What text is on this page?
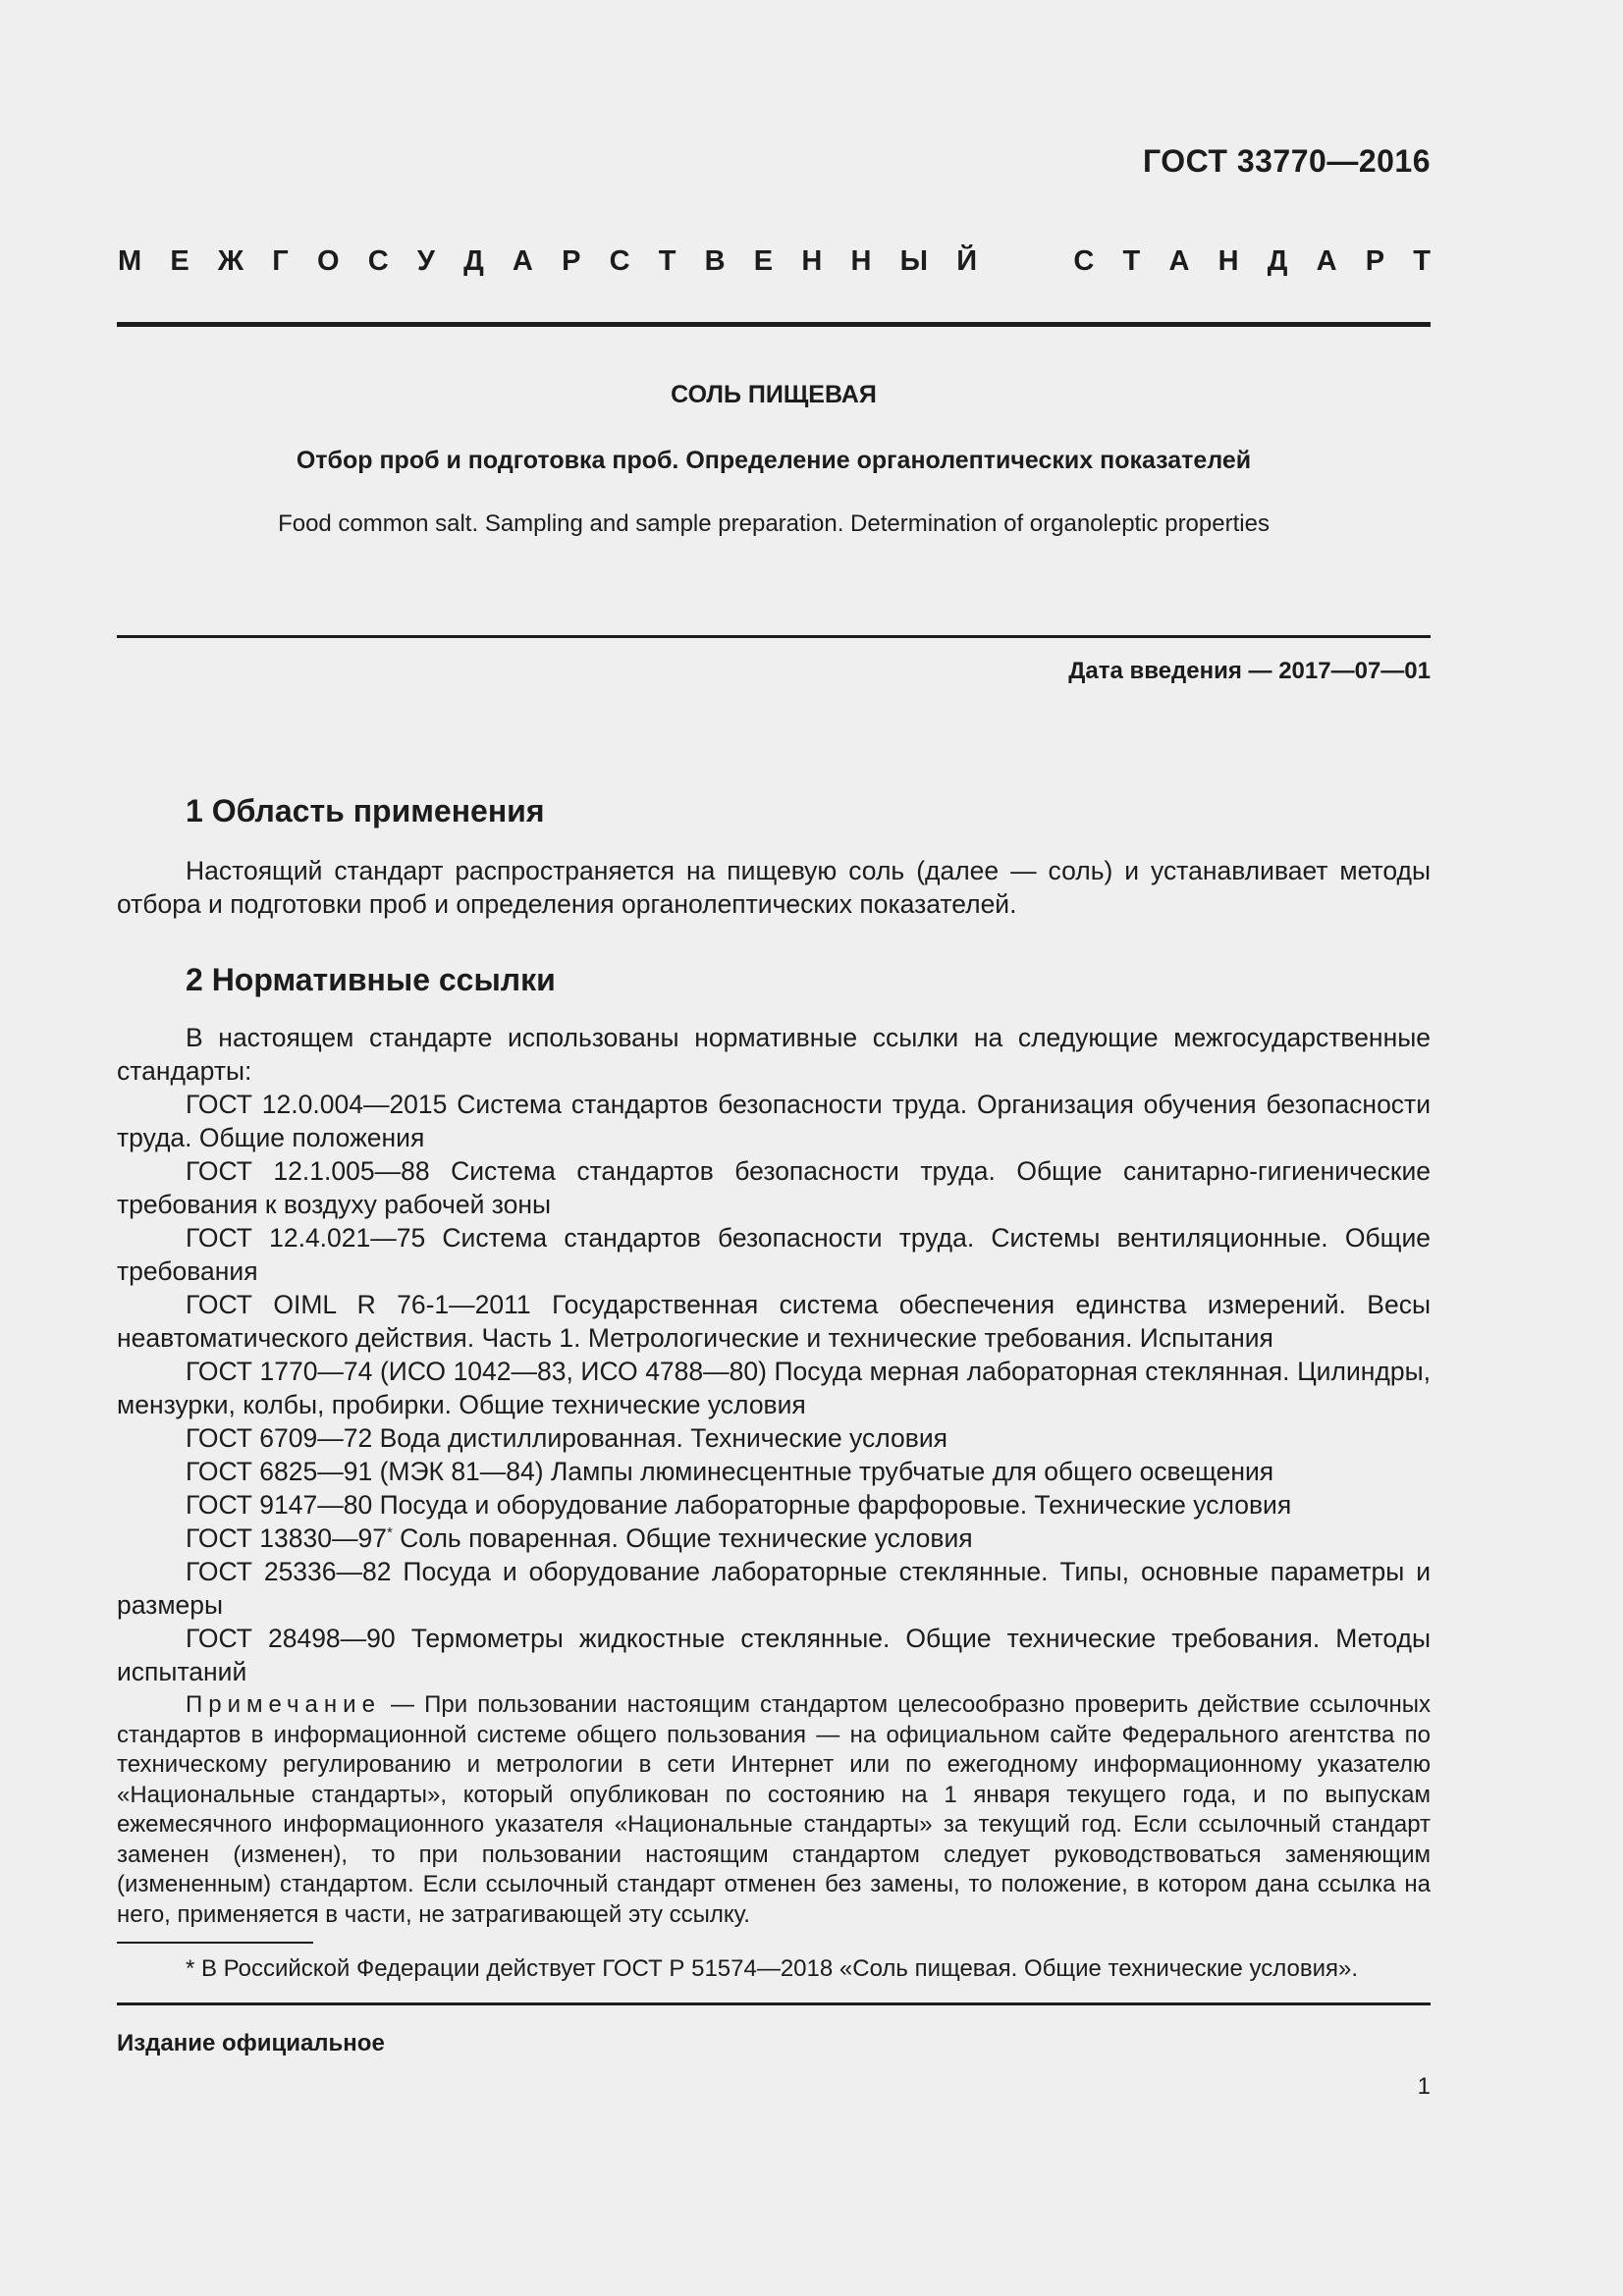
ГОСТ 33770—2016
М Е Ж Г О С У Д А Р С Т В Е Н Н Ы Й	С Т А Н Д А Р Т
СОЛЬ ПИЩЕВАЯ
Отбор проб и подготовка проб. Определение органолептических показателей
Food common salt. Sampling and sample preparation. Determination of organoleptic properties
Дата введения — 2017—07—01
1 Область применения

Настоящий стандарт распространяется на пищевую соль (далее — соль) и устанавливает методы отбора и подготовки проб и определения органолептических показателей.

2 Нормативные ссылки

В настоящем стандарте использованы нормативные ссылки на следующие межгосударственные стандарты:

ГОСТ 12.0.004—2015 Система стандартов безопасности труда. Организация обучения безопасности труда. Общие положения

ГОСТ 12.1.005—88 Система стандартов безопасности труда. Общие санитарно-гигиенические требования к воздуху рабочей зоны

ГОСТ 12.4.021—75 Система стандартов безопасности труда. Системы вентиляционные. Общие требования

ГОСТ OIML R 76-1—2011 Государственная система обеспечения единства измерений. Весы неавтоматического действия. Часть 1. Метрологические и технические требования. Испытания

ГОСТ 1770—74 (ИСО 1042—83, ИСО 4788—80) Посуда мерная лабораторная стеклянная. Цилиндры, мензурки, колбы, пробирки. Общие технические условия

ГОСТ 6709—72 Вода дистиллированная. Технические условия

ГОСТ 6825—91 (МЭК 81—84) Лампы люминесцентные трубчатые для общего освещения

ГОСТ 9147—80 Посуда и оборудование лабораторные фарфоровые. Технические условия

ГОСТ 13830—97* Соль поваренная. Общие технические условия

ГОСТ 25336—82 Посуда и оборудование лабораторные стеклянные. Типы, основные параметры и размеры

ГОСТ 28498—90 Термометры жидкостные стеклянные. Общие технические требования. Методы испытаний

Примечание — При пользовании настоящим стандартом целесообразно проверить действие ссылочных стандартов в информационной системе общего пользования — на официальном сайте Федерального агентства по техническому регулированию и метрологии в сети Интернет или по ежегодному информационному указателю «Национальные стандарты», который опубликован по состоянию на 1 января текущего года, и по выпускам ежемесячного информационного указателя «Национальные стандарты» за текущий год. Если ссылочный стандарт заменен (изменен), то при пользовании настоящим стандартом следует руководствоваться заменяющим (измененным) стандартом. Если ссылочный стандарт отменен без замены, то положение, в котором дана ссылка на него, применяется в части, не затрагивающей эту ссылку.

* В Российской Федерации действует ГОСТ Р 51574—2018 «Соль пищевая. Общие технические условия».
Издание официальное
1
